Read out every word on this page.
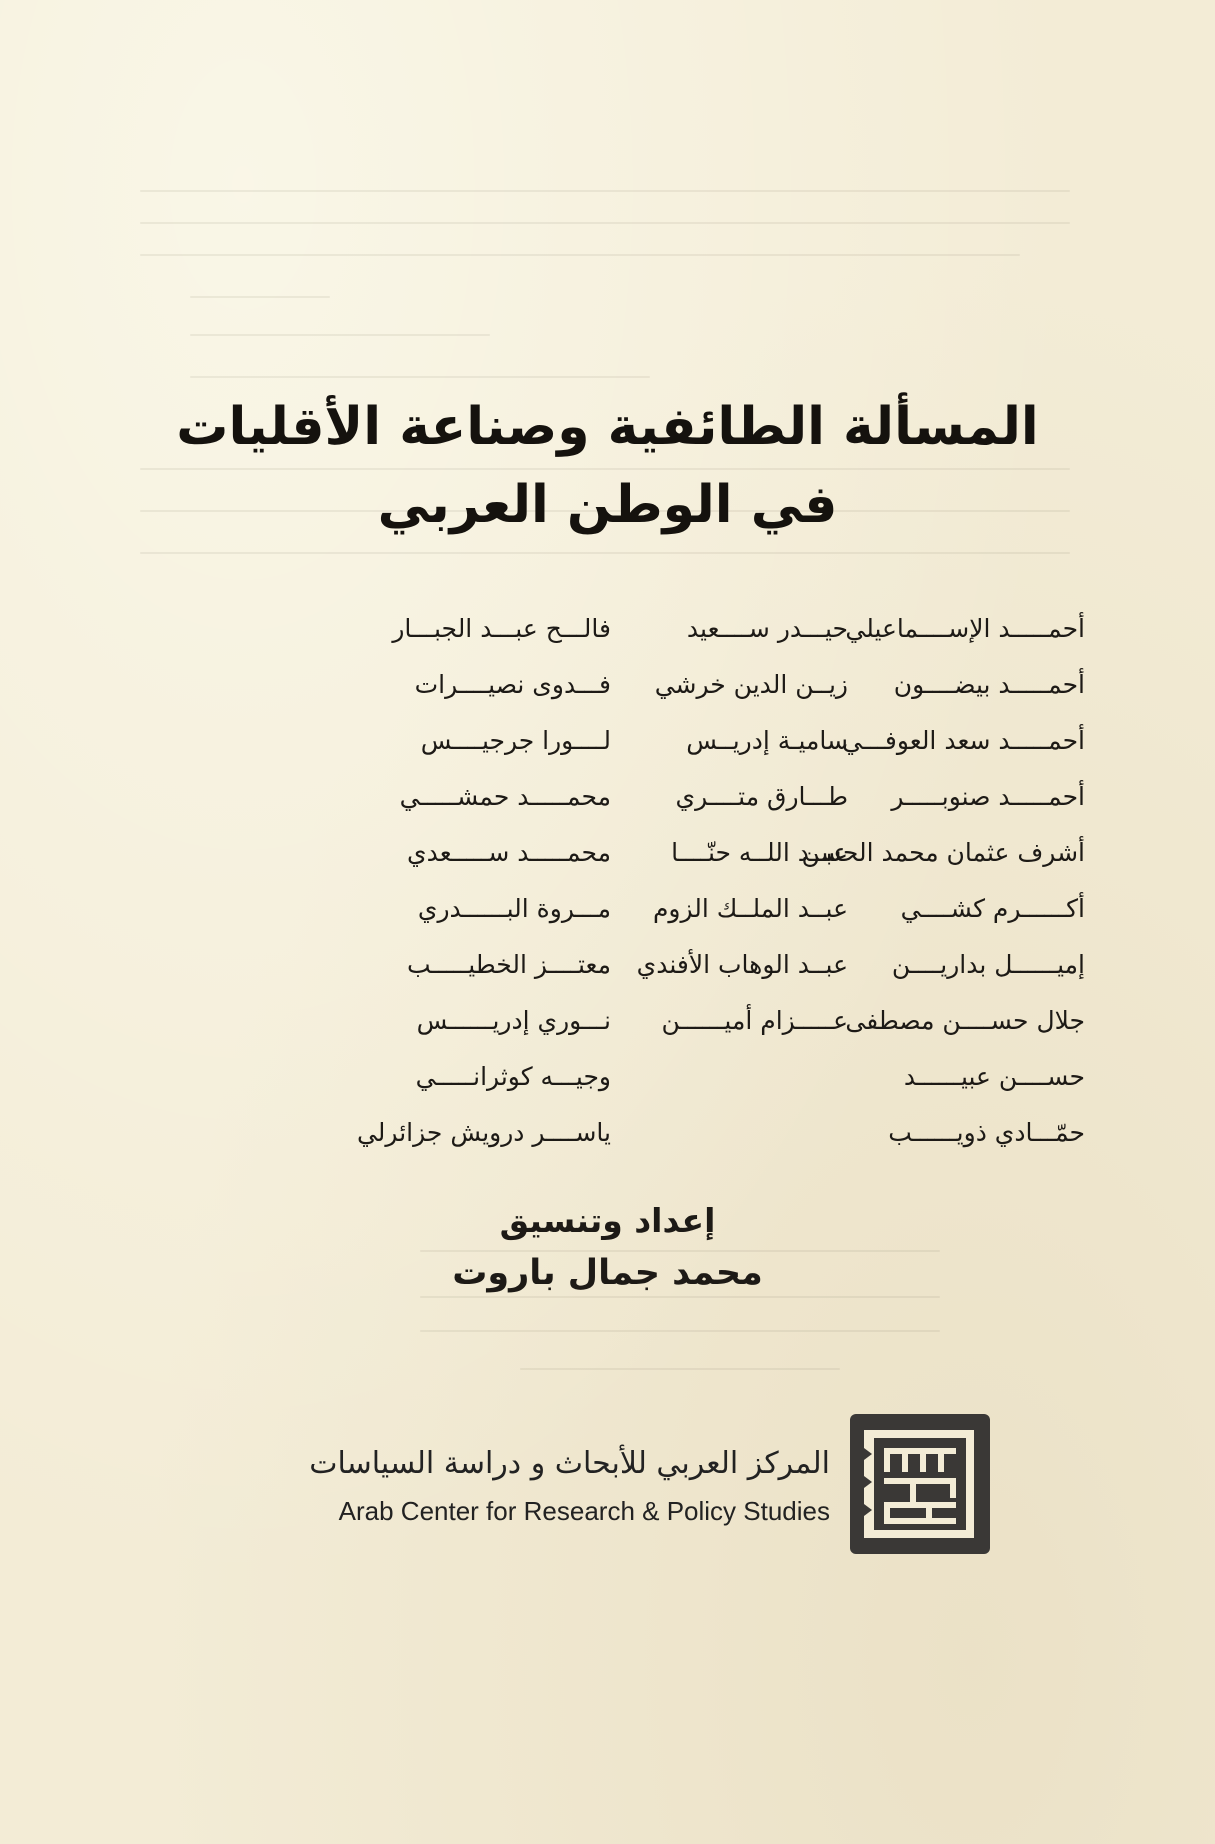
المسألة الطائفية وصناعة الأقليات
في الوطن العربي
أحمـــــد الإســــماعيلي
حيـــدر ســــعيد
فالـــح عبـــد الجبـــار
أحمـــــد بيضــــون
زيــن الدين خرشي
فـــدوى نصيــــرات
أحمـــــد سعد العوفـــي
ساميـة إدريــس
لــــورا جرجيــــس
أحمـــــد صنوبـــــر
طـــارق متــــري
محمـــــد حمشـــــي
أشرف عثمان محمد الحسن
عبــد اللــه حنّــــا
محمـــــد ســـــعدي
أكــــــرم كشــــي
عبــد الملــك الزوم
مـــروة البــــــدري
إميــــــل بداريــــن
عبــد الوهاب الأفندي
معتــــز الخطيـــــب
جلال حســــن مصطفى
عـــــزام أميــــــن
نـــوري إدريــــــس
حســــن عبيــــــد
وجيـــه كوثرانـــــي
حمّـــادي ذويــــــب
ياســــر درويش جزائرلي
إعداد وتنسيق
محمد جمال باروت
المركز العربي للأبحاث و دراسة السياسات
Arab Center for Research & Policy Studies
